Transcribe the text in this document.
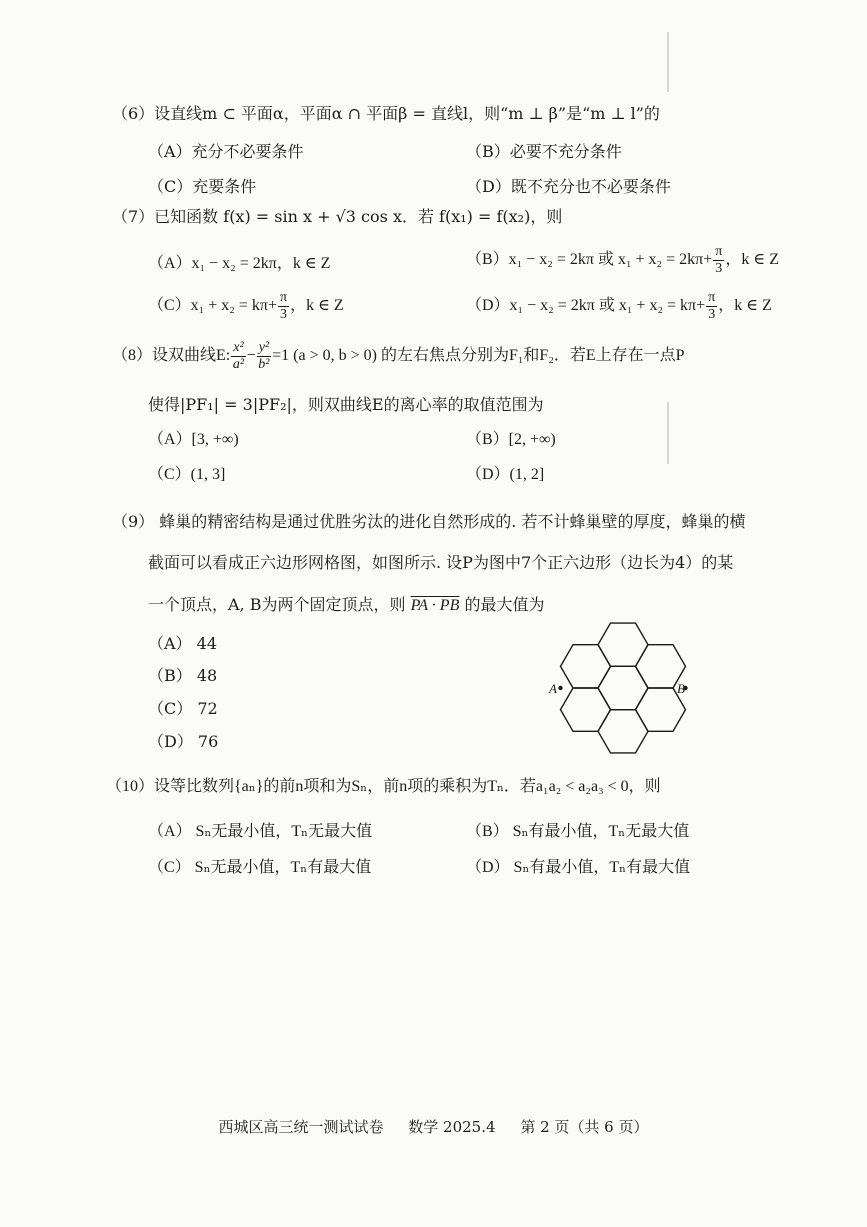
（6）设直线m ⊂ 平面α，平面α ∩ 平面β = 直线l，则“m ⊥ β”是“m ⊥ l”的
（A）充分不必要条件	（B）必要不充分条件
（C）充要条件	（D）既不充分也不必要条件
（7）已知函数 f(x) = sin x + √3 cos x．若 f(x₁) = f(x₂)，则
（A）x₁ − x₂ = 2kπ，k ∈ Z	（B）x₁ − x₂ = 2kπ 或 $x_1 + x_2 = 2k\pi+ \frac{\pi}{3}$ ，k ∈ Z
$(C)x_1 + x_2 = k\pi+ \frac{\pi}{3}$ ，k ∈ Z	（D）x₁ − x₂ = 2kπ 或 $x_1 + x_2 = k\pi+ \frac{\pi}{3}$ ，k ∈ Z
（8）设双曲线E: $\frac{\text{x²}}{\text{a²}} - \frac{\text{y²}}{\text{b²}} =1$ (a > 0, b > 0) 的左右焦点分别为F₁和F₂．若E上存在一点P
使得|PF₁| = 3|PF₂|，则双曲线E的离心率的取值范围为
（A）[3, +∞)	（B）[2, +∞)
（C）(1, 3]	（D）(1, 2]
（9） 蜂巢的精密结构是通过优胜劣汰的进化自然形成的. 若不计蜂巢壁的厚度，蜂巢的横
截面可以看成正六边形网格图，如图所示. 设P为图中7个正六边形（边长为4）的某
一个顶点，A, B为两个固定顶点，则 PA · PB 的最大值为
（A） 44
（B） 48
（C） 72
（D） 76
A	B
（10）设等比数列{aₙ}的前n项和为Sₙ，前n项的乘积为Tₙ．若a₁a₂ < a₂a₃ < 0，则
（A） Sₙ无最小值，Tₙ无最大值	（B） Sₙ有最小值，Tₙ无最大值
（C） Sₙ无最小值，Tₙ有最大值	（D） Sₙ有最小值，Tₙ有最大值
西城区高三统一测试试卷 数学 2025.4 第 2 页（共 6 页）
